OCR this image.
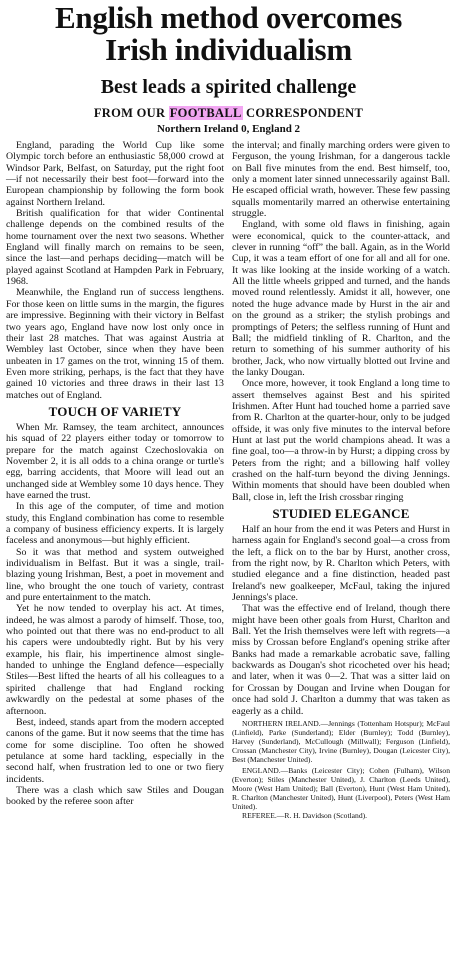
English method overcomes
Irish individualism
Best leads a spirited challenge
FROM OUR FOOTBALL CORRESPONDENT
Northern Ireland 0, England 2

England, parading the World Cup like some Olympic torch before an enthusiastic 58,000 crowd at Windsor Park, Belfast, on Saturday, put the right foot—if not necessarily their best foot—forward into the European championship by following the form book against Northern Ireland.

British qualification for that wider Continental challenge depends on the combined results of the home tournament over the next two seasons. Whether England will finally march on remains to be seen, since the last—and perhaps deciding—match will be played against Scotland at Hampden Park in February, 1968.

Meanwhile, the England run of success lengthens. For those keen on little sums in the margin, the figures are impressive. Beginning with their victory in Belfast two years ago, England have now lost only once in their last 28 matches. That was against Austria at Wembley last October, since when they have been unbeaten in 17 games on the trot, winning 15 of them. Even more striking, perhaps, is the fact that they have gained 10 victories and three draws in their last 13 matches out of England.

TOUCH OF VARIETY

When Mr. Ramsey, the team architect, announces his squad of 22 players either today or tomorrow to prepare for the match against Czechoslovakia on November 2, it is all odds to a china orange or turtle's egg, barring accidents, that Moore will lead out an unchanged side at Wembley some 10 days hence. They have earned the trust.

In this age of the computer, of time and motion study, this England combination has come to resemble a company of business efficiency experts. It is largely faceless and anonymous—but highly efficient.

So it was that method and system outweighed individualism in Belfast. But it was a single, trail-blazing young Irishman, Best, a poet in movement and line, who brought the one touch of variety, contrast and pure entertainment to the match.

Yet he now tended to overplay his act. At times, indeed, he was almost a parody of himself. Those, too, who pointed out that there was no end-product to all his capers were undoubtedly right. But by his very example, his flair, his impertinence almost single-handed to unhinge the England defence—especially Stiles—Best lifted the hearts of all his colleagues to a spirited challenge that had England rocking awkwardly on the pedestal at some phases of the afternoon.

Best, indeed, stands apart from the modern accepted canons of the game. But it now seems that the time has come for some discipline. Too often he showed petulance at some hard tackling, especially in the second half, when frustration led to one or two fiery incidents.

There was a clash which saw Stiles and Dougan booked by the referee soon after

the interval; and finally marching orders were given to Ferguson, the young Irishman, for a dangerous tackle on Ball five minutes from the end. Best himself, too, only a moment later sinned unnecessarily against Ball. He escaped official wrath, however. These few passing squalls momentarily marred an otherwise entertaining struggle.

England, with some old flaws in finishing, again were economical, quick to the counter-attack, and clever in running “off” the ball. Again, as in the World Cup, it was a team effort of one for all and all for one. It was like looking at the inside working of a watch. All the little wheels gripped and turned, and the hands moved round relentlessly. Amidst it all, however, one noted the huge advance made by Hurst in the air and on the ground as a striker; the stylish probings and promptings of Peters; the selfless running of Hunt and Ball; the midfield tinkling of R. Charlton, and the return to something of his summer authority of his brother, Jack, who now virtually blotted out Irvine and the lanky Dougan.

Once more, however, it took England a long time to assert themselves against Best and his spirited Irishmen. After Hunt had touched home a parried save from R. Charlton at the quarter-hour, only to be judged offside, it was only five minutes to the interval before Hunt at last put the world champions ahead. It was a fine goal, too—a throw-in by Hurst; a dipping cross by Peters from the right; and a billowing half volley crashed on the half-turn beyond the diving Jennings. Within moments that should have been doubled when Ball, close in, left the Irish crossbar ringing

STUDIED ELEGANCE

Half an hour from the end it was Peters and Hurst in harness again for England's second goal—a cross from the left, a flick on to the bar by Hurst, another cross, from the right now, by R. Charlton which Peters, with studied elegance and a fine distinction, headed past Ireland's new goalkeeper, McFaul, taking the injured Jennings's place.

That was the effective end of Ireland, though there might have been other goals from Hurst, Charlton and Ball. Yet the Irish themselves were left with regrets—a miss by Crossan before England's opening strike after Banks had made a remarkable acrobatic save, falling backwards as Dougan's shot ricocheted over his head; and later, when it was 0—2. That was a sitter laid on for Crossan by Dougan and Irvine when Dougan for once had sold J. Charlton a dummy that was taken as eagerly as a child.

NORTHERN IRELAND.—Jennings (Tottenham Hotspur); McFaul (Linfield), Parke (Sunderland); Elder (Burnley); Todd (Burnley), Harvey (Sunderland), McCullough (Millwall); Ferguson (Linfield), Crossan (Manchester City), Irvine (Burnley), Dougan (Leicester City), Best (Manchester United).

ENGLAND.—Banks (Leicester City); Cohen (Fulham), Wilson (Everton); Stiles (Manchester United), J. Charlton (Leeds United), Moore (West Ham United); Ball (Everton), Hunt (West Ham United), R. Charlton (Manchester United), Hunt (Liverpool), Peters (West Ham United).

REFEREE.—R. H. Davidson (Scotland).
